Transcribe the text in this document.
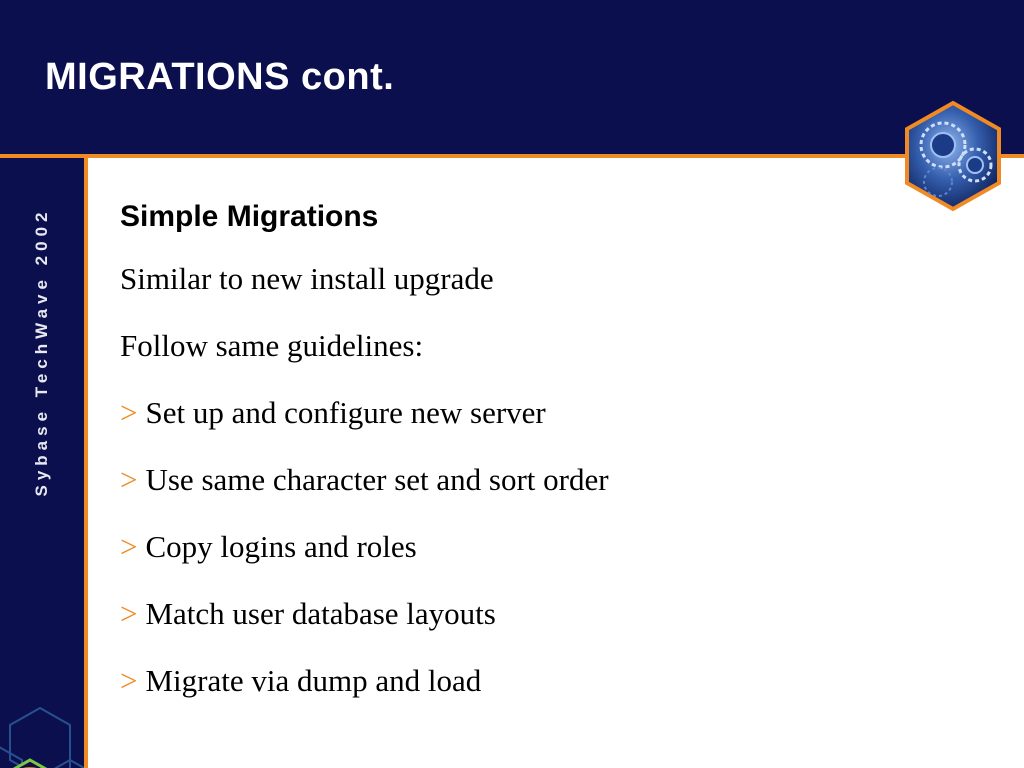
MIGRATIONS cont.
Sybase TechWave 2002 Simple Migrations
Similar to new install upgrade
Follow same guidelines:
> Set up and configure new server
> Use same character set and sort order
> Copy logins and roles
> Match user database layouts
> Migrate via dump and load
